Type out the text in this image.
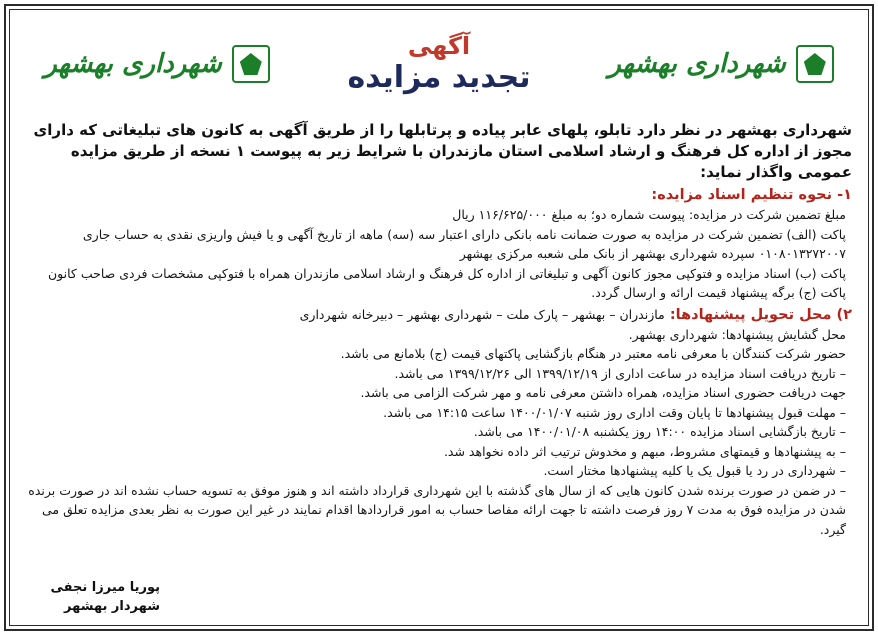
شهرداری بهشهر	شهرداری بهشهر
آگهی
تجدید مزایده
شهرداری بهشهر در نظر دارد تابلو، پلهای عابر پیاده و پرتابلها را از طریق آگهی به کانون های تبلیغاتی که دارای مجوز از اداره کل فرهنگ و ارشاد اسلامی استان مازندران با شرایط زیر به پیوست ۱ نسخه از طریق مزایده عمومی واگذار نماید:
۱- نحوه تنظیم اسناد مزایده:
مبلغ تضمین شرکت در مزایده: پیوست شماره دو؛ به مبلغ ۱۱۶/۶۲۵/۰۰۰ ریال
پاکت (الف) تضمین شرکت در مزایده به صورت ضمانت نامه بانکی دارای اعتبار سه (سه) ماهه از تاریخ آگهی و یا فیش واریزی نقدی به حساب جاری ۰۱۰۸۰۱۳۲۷۲۰۰۷ سپرده شهرداری بهشهر از بانک ملی شعبه مرکزی بهشهر
پاکت (ب) اسناد مزایده و فتوکپی مجوز کانون آگهی و تبلیغاتی از اداره کل فرهنگ و ارشاد اسلامی مازندران همراه با فتوکپی مشخصات فردی صاحب کانون
پاکت (ج) برگه پیشنهاد قیمت ارائه و ارسال گردد.
۲) محل تحویل پیشنهادها: مازندران – بهشهر – پارک ملت – شهرداری بهشهر – دبیرخانه شهرداری
محل گشایش پیشنهادها: شهرداری بهشهر.
حضور شرکت کنندگان با معرفی نامه معتبر در هنگام بازگشایی پاکتهای قیمت (ج) بلامانع می باشد.
– تاریخ دریافت اسناد مزایده در ساعت اداری از ۱۳۹۹/۱۲/۱۹ الی ۱۳۹۹/۱۲/۲۶ می باشد.
جهت دریافت حضوری اسناد مزایده، همراه داشتن معرفی نامه و مهر شرکت الزامی می باشد.
– مهلت قبول پیشنهادها تا پایان وقت اداری روز شنبه ۱۴۰۰/۰۱/۰۷ ساعت ۱۴:۱۵ می باشد.
– تاریخ بازگشایی اسناد مزایده ۱۴:۰۰ روز یکشنبه ۱۴۰۰/۰۱/۰۸ می باشد.
– به پیشنهادها و قیمتهای مشروط، مبهم و مخدوش ترتیب اثر داده نخواهد شد.
– شهرداری در رد یا قبول یک یا کلیه پیشنهادها مختار است.
– در ضمن در صورت برنده شدن کانون هایی که از سال های گذشته با این شهرداری قرارداد داشته اند و هنوز موفق به تسویه حساب نشده اند در صورت برنده شدن در مزایده فوق به مدت ۷ روز فرصت داشته تا جهت ارائه مفاصا حساب به امور قراردادها اقدام نمایند در غیر این صورت به نظر بعدی مزایده تعلق می گیرد.
پوریا میرزا نجفی
شهردار بهشهر
